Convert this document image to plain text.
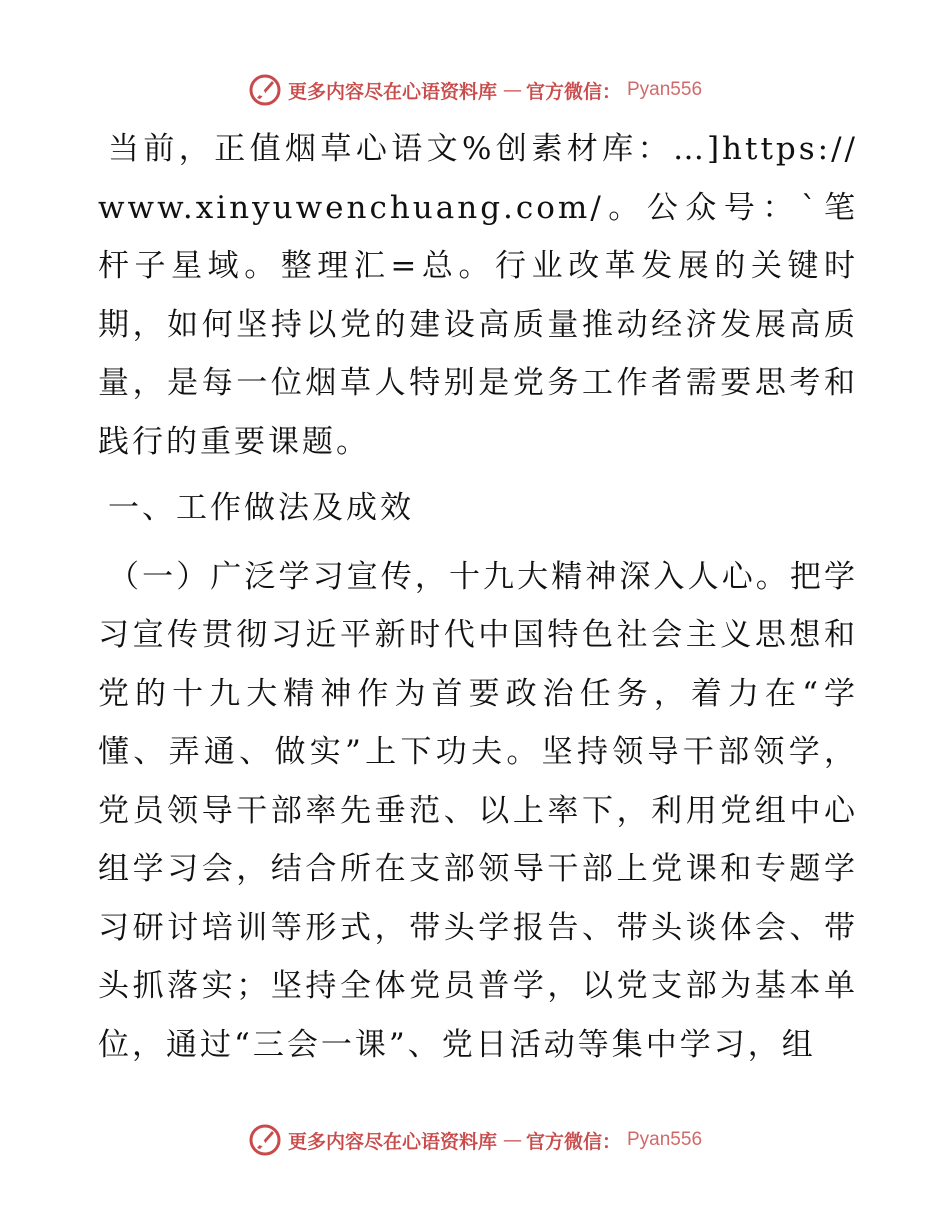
更多内容尽在心语资料库 — 官方微信： Pyan556

当前，正值烟草心语文%创素材库：…]https://www.xinyuwenchuang.com/。公众号：`笔杆子星域。整理汇=总。行业改革发展的关键时期，如何坚持以党的建设高质量推动经济发展高质量，是每一位烟草人特别是党务工作者需要思考和践行的重要课题。

一、工作做法及成效

（一）广泛学习宣传，十九大精神深入人心。把学习宣传贯彻习近平新时代中国特色社会主义思想和党的十九大精神作为首要政治任务，着力在“学懂、弄通、做实”上下功夫。坚持领导干部领学，党员领导干部率先垂范、以上率下，利用党组中心组学习会，结合所在支部领导干部上党课和专题学习研讨培训等形式，带头学报告、带头谈体会、带头抓落实；坚持全体党员普学，以党支部为基本单位，通过“三会一课”、党日活动等集中学习，组

更多内容尽在心语资料库 — 官方微信： Pyan556
